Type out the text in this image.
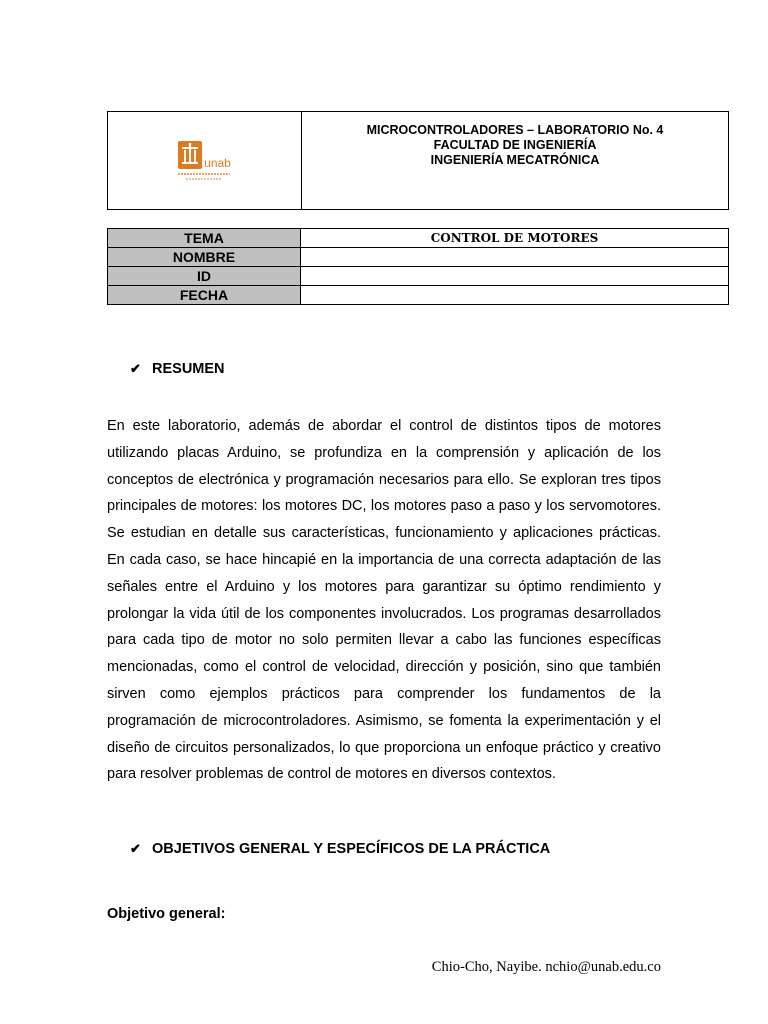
unab
MICROCONTROLADORES – LABORATORIO No. 4
FACULTAD DE INGENIERÍA
INGENIERÍA MECATRÓNICA
TEMA	CONTROL DE MOTORES
NOMBRE	
ID	
FECHA	
✔ RESUMEN

En este laboratorio, además de abordar el control de distintos tipos de motores utilizando placas Arduino, se profundiza en la comprensión y aplicación de los conceptos de electrónica y programación necesarios para ello. Se exploran tres tipos principales de motores: los motores DC, los motores paso a paso y los servomotores. Se estudian en detalle sus características, funcionamiento y aplicaciones prácticas. En cada caso, se hace hincapié en la importancia de una correcta adaptación de las señales entre el Arduino y los motores para garantizar su óptimo rendimiento y prolongar la vida útil de los componentes involucrados. Los programas desarrollados para cada tipo de motor no solo permiten llevar a cabo las funciones específicas mencionadas, como el control de velocidad, dirección y posición, sino que también sirven como ejemplos prácticos para comprender los fundamentos de la programación de microcontroladores. Asimismo, se fomenta la experimentación y el diseño de circuitos personalizados, lo que proporciona un enfoque práctico y creativo para resolver problemas de control de motores en diversos contextos.

✔ OBJETIVOS GENERAL Y ESPECÍFICOS DE LA PRÁCTICA
Objetivo general:
Chio-Cho, Nayibe. nchio@unab.edu.co
